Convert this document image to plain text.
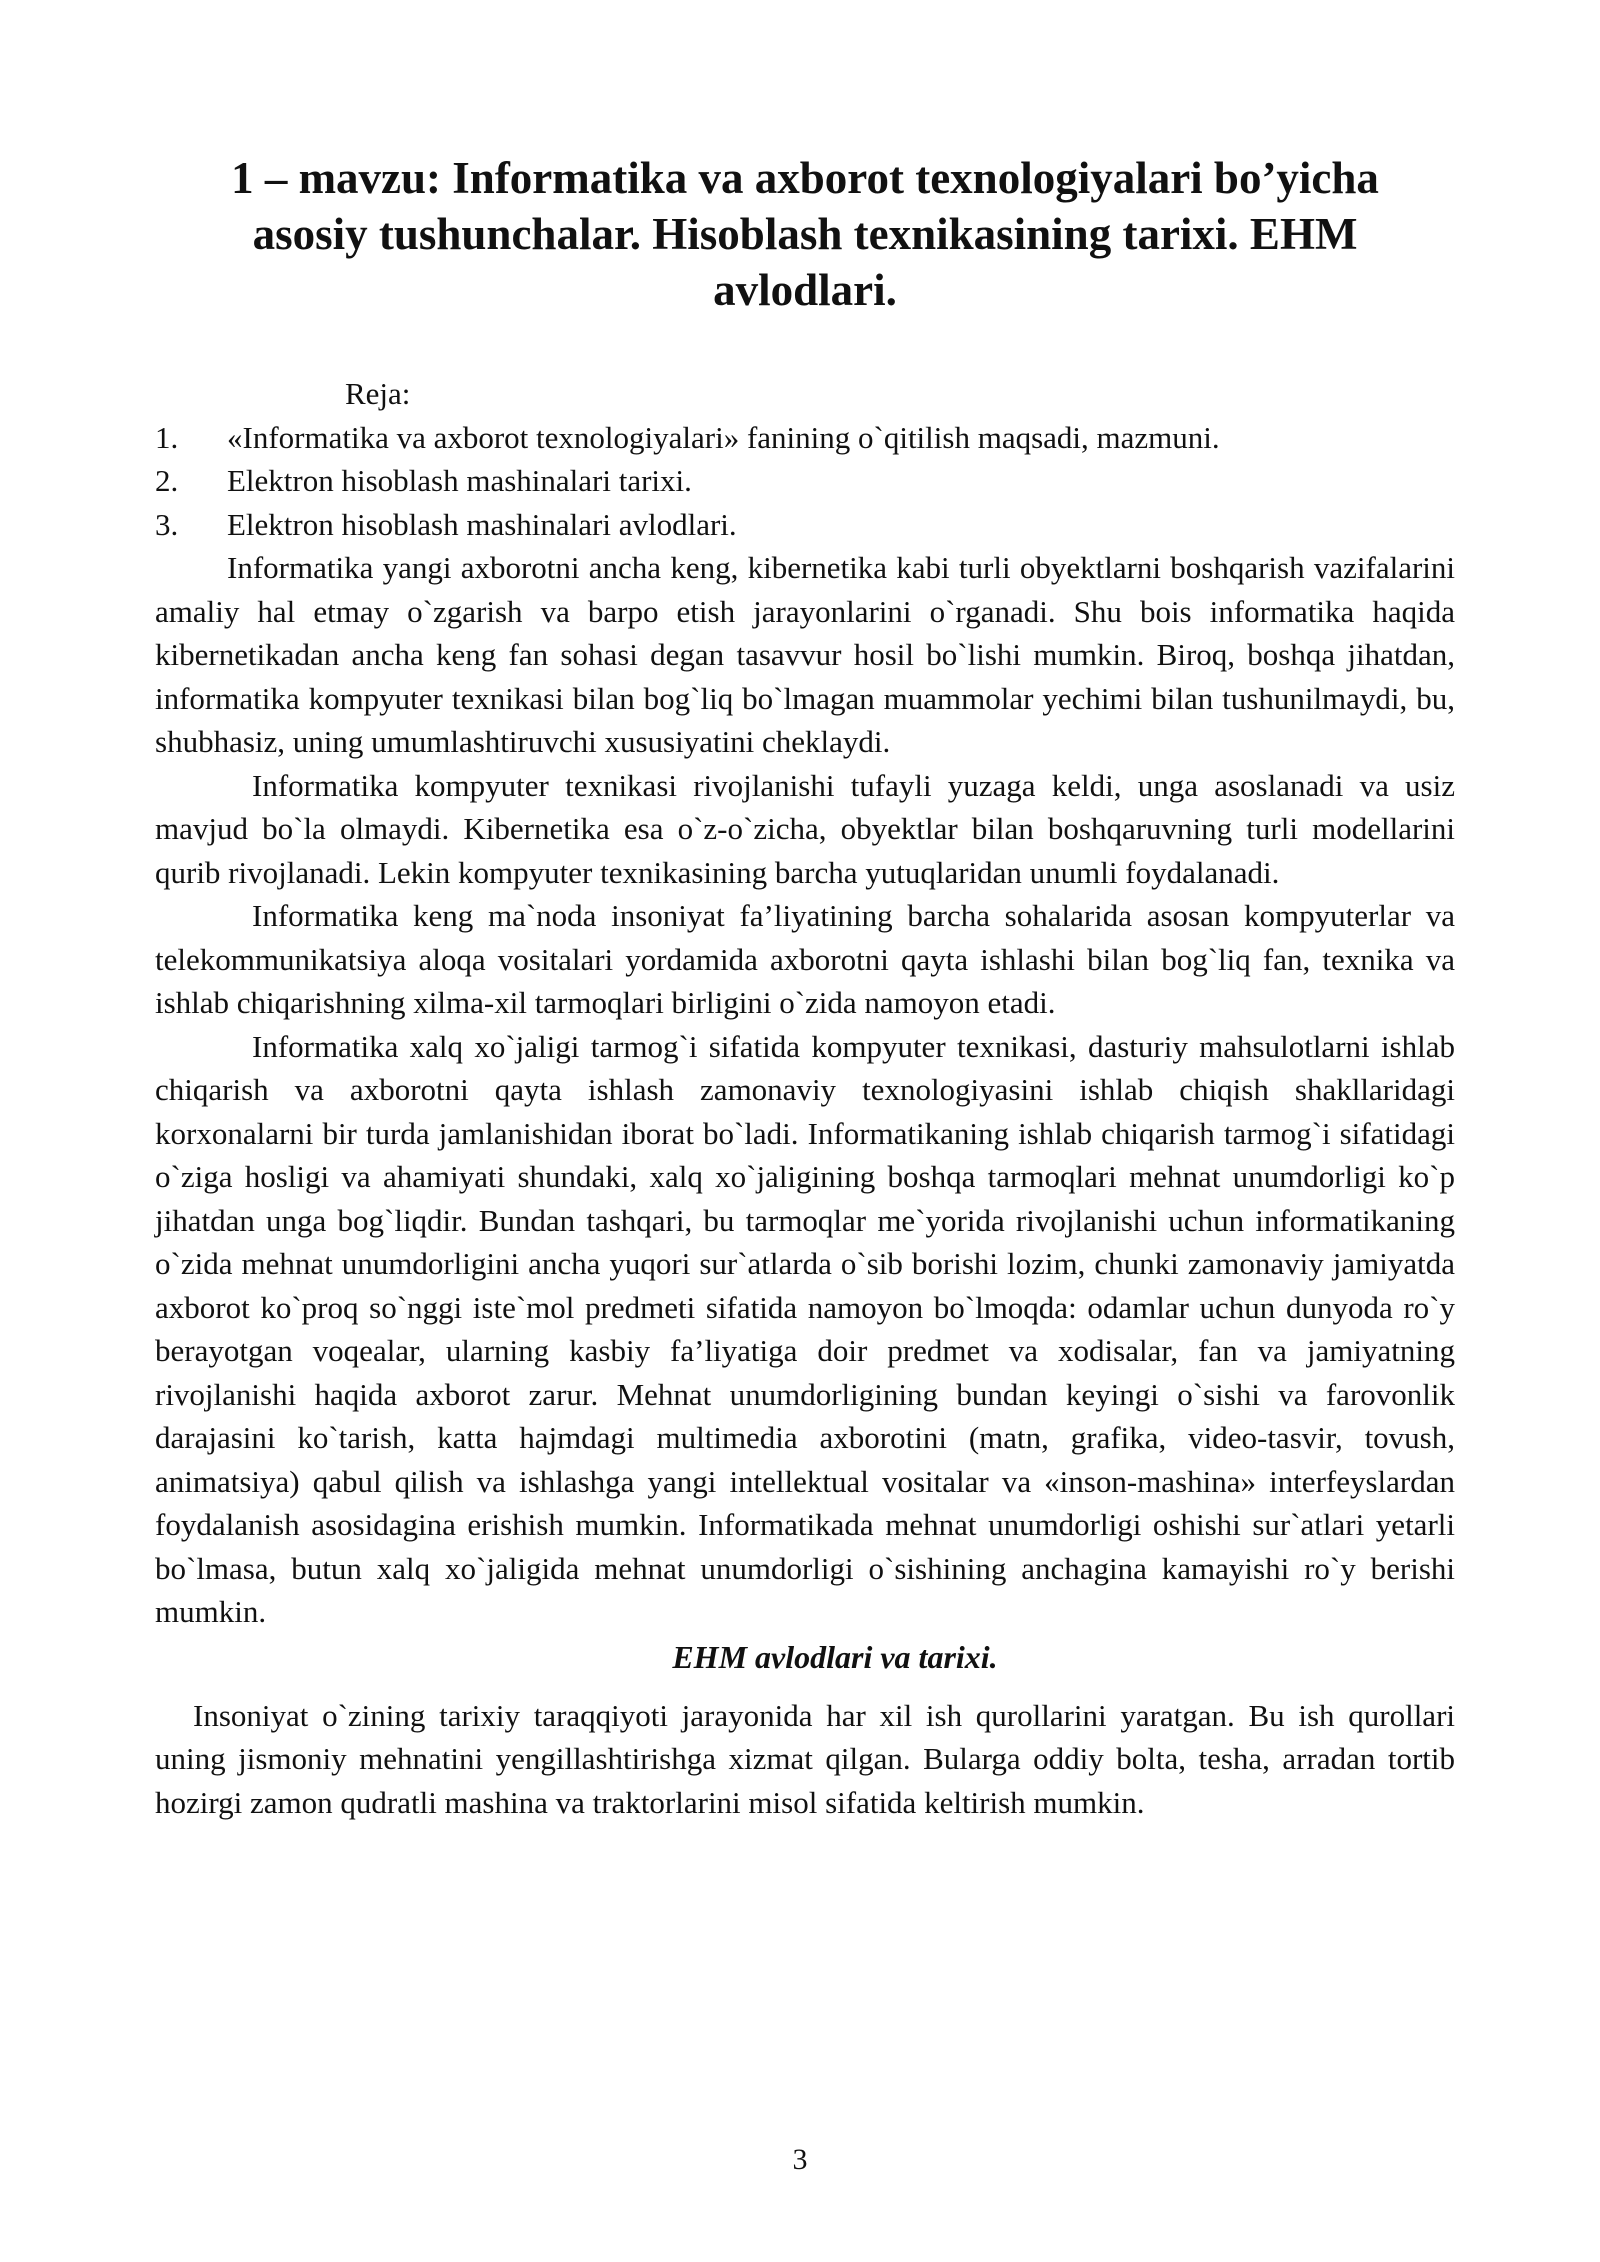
1 – mavzu: Informatika va axborot texnologiyalari bo’yicha asosiy tushunchalar. Hisoblash texnikasining tarixi. EHM avlodlari.
Reja:
1.	«Informatika va axborot texnologiyalari» fanining o`qitilish maqsadi, mazmuni.
2.	Elektron hisoblash mashinalari tarixi.
3.	Elektron hisoblash mashinalari avlodlari.

Informatika yangi axborotni ancha keng, kibernetika kabi turli obyektlarni boshqarish vazifalarini amaliy hal etmay o`zgarish va barpo etish jarayonlarini o`rganadi. Shu bois informatika haqida kibernetikadan ancha keng fan sohasi degan tasavvur hosil bo`lishi mumkin. Biroq, boshqa jihatdan, informatika kompyuter texnikasi bilan bog`liq bo`lmagan muammolar yechimi bilan tushunilmaydi, bu, shubhasiz, uning umumlashtiruvchi xususiyatini cheklaydi.

Informatika kompyuter texnikasi rivojlanishi tufayli yuzaga keldi, unga asoslanadi va usiz mavjud bo`la olmaydi. Kibernetika esa o`z-o`zicha, obyektlar bilan boshqaruvning turli modellarini qurib rivojlanadi. Lekin kompyuter texnikasining barcha yutuqlaridan unumli foydalanadi.

Informatika keng ma`noda insoniyat fa’liyatining barcha sohalarida asosan kompyuterlar va telekommunikatsiya aloqa vositalari yordamida axborotni qayta ishlashi bilan bog`liq fan, texnika va ishlab chiqarishning xilma-xil tarmoqlari birligini o`zida namoyon etadi.

Informatika xalq xo`jaligi tarmog`i sifatida kompyuter texnikasi, dasturiy mahsulotlarni ishlab chiqarish va axborotni qayta ishlash zamonaviy texnologiyasini ishlab chiqish shakllaridagi korxonalarni bir turda jamlanishidan iborat bo`ladi. Informatikaning ishlab chiqarish tarmog`i sifatidagi o`ziga hosligi va ahamiyati shundaki, xalq xo`jaligining boshqa tarmoqlari mehnat unumdorligi ko`p jihatdan unga bog`liqdir. Bundan tashqari, bu tarmoqlar me`yorida rivojlanishi uchun informatikaning o`zida mehnat unumdorligini ancha yuqori sur`atlarda o`sib borishi lozim, chunki zamonaviy jamiyatda axborot ko`proq so`nggi iste`mol predmeti sifatida namoyon bo`lmoqda: odamlar uchun dunyoda ro`y berayotgan voqealar, ularning kasbiy fa’liyatiga doir predmet va xodisalar, fan va jamiyatning rivojlanishi haqida axborot zarur. Mehnat unumdorligining bundan keyingi o`sishi va farovonlik darajasini ko`tarish, katta hajmdagi multimedia axborotini (matn, grafika, video-tasvir, tovush, animatsiya) qabul qilish va ishlashga yangi intellektual vositalar va «inson-mashina» interfeyslardan foydalanish asosidagina erishish mumkin. Informatikada mehnat unumdorligi oshishi sur`atlari yetarli bo`lmasa, butun xalq xo`jaligida mehnat unumdorligi o`sishining anchagina kamayishi ro`y berishi mumkin.

EHM avlodlari va tarixi.

Insoniyat o`zining tarixiy taraqqiyoti jarayonida har xil ish qurollarini yaratgan. Bu ish qurollari uning jismoniy mehnatini yengillashtirishga xizmat qilgan. Bularga oddiy bolta, tesha, arradan tortib hozirgi zamon qudratli mashina va traktorlarini misol sifatida keltirish mumkin.

3
